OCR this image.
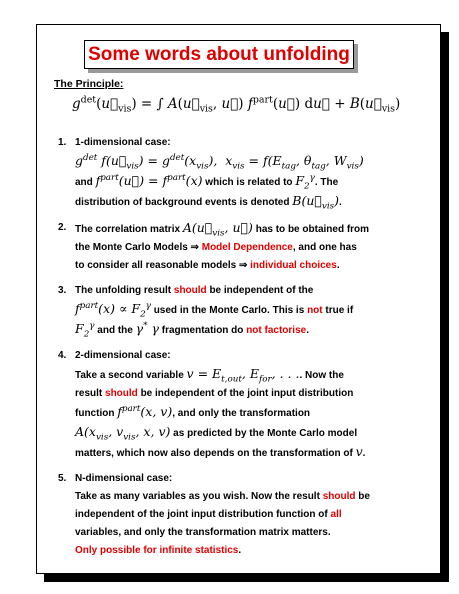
Some words about unfolding
The Principle:
$g^{det}(u⃗_{vis})$ = ∫ $A(u⃗_{vis}$, u⃗) $f^{part}(u⃗)$ du⃗ + $B(u⃗_{vis})$
1. 1-dimensional case:
$g^{det}$ $f(u⃗_{vis}) = g^{det}(x_{vis})$,  $x_{vis} = f(E_{tag}$, $\theta_{tag}$, $W_{vis}$)
and $f^{part}(u⃗) = f^{part}(x)$ which is related to $F_2^\gamma$. The
distribution of background events is denoted $B(u⃗_{vis})$.
2. The correlation matrix $A(u⃗_{vis}$, u⃗) has to be obtained from
the Monte Carlo Models ⇒ Model Dependence, and one has
to consider all reasonable models ⇒ individual choices.
3. The unfolding result should be independent of the
$f^{part}(x) \propto F_2^\gamma$ used in the Monte Carlo. This is not true if
$F_2^\gamma$ and the γ* γ fragmentation do not factorise.
4. 2-dimensional case:
Take a second variable $v = E_{t,out}$, $E_{for}$, . . .. Now the
result should be independent of the joint input distribution
function $f^{part}(x$, v), and only the transformation
$A(x_{vis}$, $v_{vis}$, x, v) as predicted by the Monte Carlo model
matters, which now also depends on the transformation of v.
5. N-dimensional case:
Take as many variables as you wish. Now the result should be
independent of the joint input distribution function of all
variables, and only the transformation matrix matters.
Only possible for infinite statistics.
